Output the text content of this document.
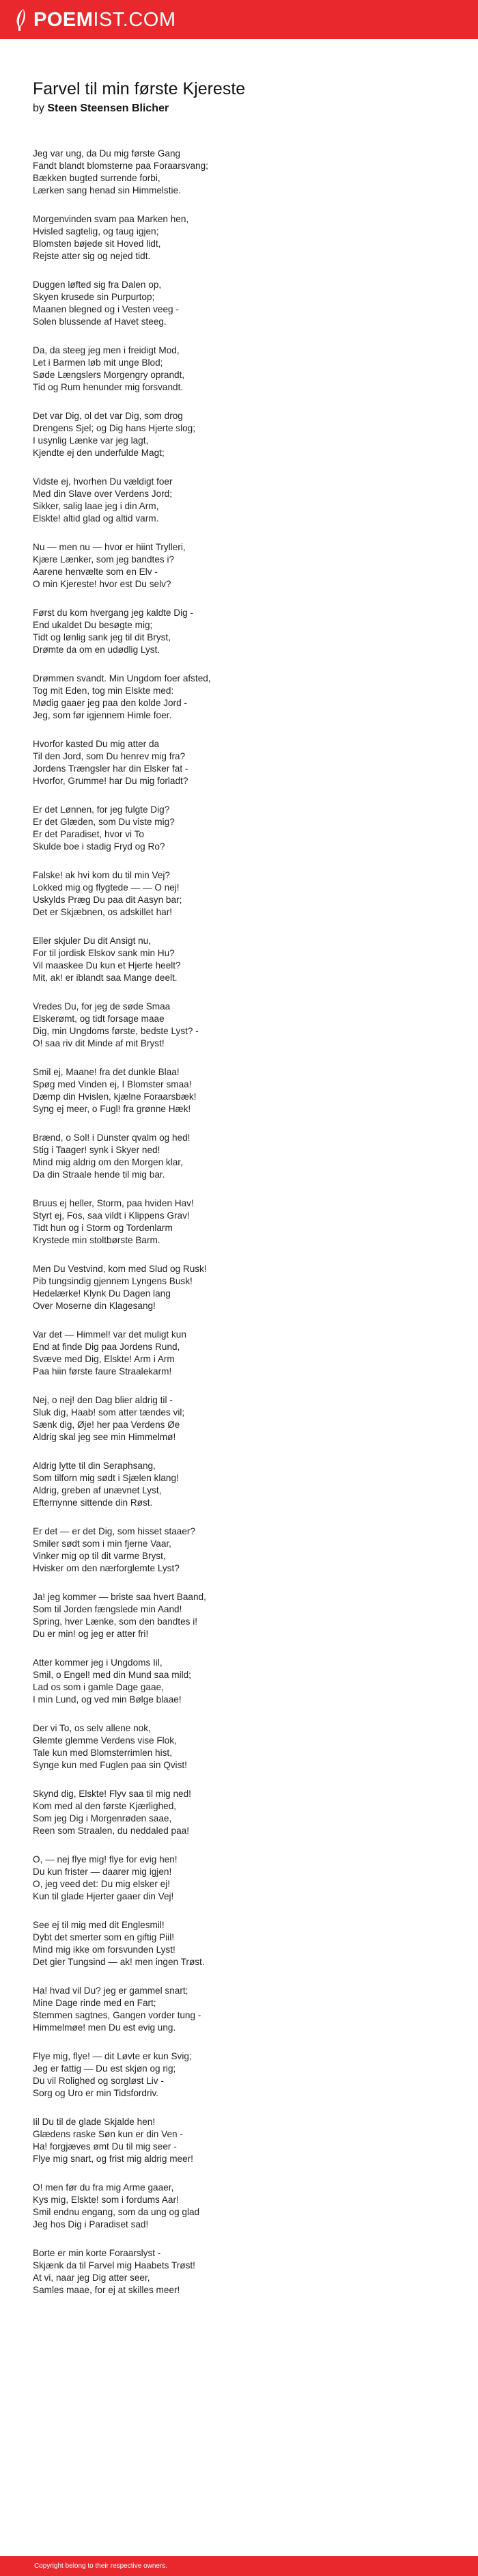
POEMIST.COM
Farvel til min første Kjereste

by Steen Steensen Blicher

Jeg var ung, da Du mig første Gang
Fandt blandt blomsterne paa Foraarsvang;
Bækken bugted surrende forbi,
Lærken sang henad sin Himmelstie.

Morgenvinden svam paa Marken hen,
Hvisled sagtelig, og taug igjen;
Blomsten bøjede sit Hoved lidt,
Rejste atter sig og nejed tidt.

Duggen løfted sig fra Dalen op,
Skyen krusede sin Purpurtop;
Maanen blegned og i Vesten veeg -
Solen blussende af Havet steeg.

Da, da steeg jeg men i freidigt Mod,
Let i Barmen løb mit unge Blod;
Søde Længslers Morgengry oprandt,
Tid og Rum henunder mig forsvandt.

Det var Dig, ol det var Dig, som drog
Drengens Sjel; og Dig hans Hjerte slog;
I usynlig Lænke var jeg lagt,
Kjendte ej den underfulde Magt;

Vidste ej, hvorhen Du vældigt foer
Med din Slave over Verdens Jord;
Sikker, salig laae jeg i din Arm,
Elskte! altid glad og altid varm.

Nu — men nu — hvor er hiint Trylleri,
Kjære Lænker, som jeg bandtes i?
Aarene henvælte som en Elv -
O min Kjereste! hvor est Du selv?

Først du kom hvergang jeg kaldte Dig -
End ukaldet Du besøgte mig;
Tidt og lønlig sank jeg til dit Bryst,
Drømte da om en udødlig Lyst.

Drømmen svandt. Min Ungdom foer afsted,
Tog mit Eden, tog min Elskte med:
Mødig gaaer jeg paa den kolde Jord -
Jeg, som før igjennem Himle foer.

Hvorfor kasted Du mig atter da
Til den Jord, som Du henrev mig fra?
Jordens Trængsler har din Elsker fat -
Hvorfor, Grumme! har Du mig forladt?

Er det Lønnen, for jeg fulgte Dig?
Er det Glæden, som Du viste mig?
Er det Paradiset, hvor vi To
Skulde boe i stadig Fryd og Ro?

Falske! ak hvi kom du til min Vej?
Lokked mig og flygtede — — O nej!
Uskylds Præg Du paa dit Aasyn bar;
Det er Skjæbnen, os adskillet har!

Eller skjuler Du dit Ansigt nu,
For til jordisk Elskov sank min Hu?
Vil maaskee Du kun et Hjerte heelt?
Mit, ak! er iblandt saa Mange deelt.

Vredes Du, for jeg de søde Smaa
Elskerømt, og tidt forsage maae
Dig, min Ungdoms første, bedste Lyst? -
O! saa riv dit Minde af mit Bryst!

Smil ej, Maane! fra det dunkle Blaa!
Spøg med Vinden ej, I Blomster smaa!
Dæmp din Hvislen, kjælne Foraarsbæk!
Syng ej meer, o Fugl! fra grønne Hæk!

Brænd, o Sol! i Dunster qvalm og hed!
Stig i Taager! synk i Skyer ned!
Mind mig aldrig om den Morgen klar,
Da din Straale hende til mig bar.

Bruus ej heller, Storm, paa hviden Hav!
Styrt ej, Fos, saa vildt i Klippens Grav!
Tidt hun og i Storm og Tordenlarm
Krystede min stoltbørste Barm.

Men Du Vestvind, kom med Slud og Rusk!
Pib tungsindig gjennem Lyngens Busk!
Hedelærke! Klynk Du Dagen lang
Over Moserne din Klagesang!

Var det — Himmel! var det muligt kun
End at finde Dig paa Jordens Rund,
Svæve med Dig, Elskte! Arm i Arm
Paa hiin første faure Straalekarm!

Nej, o nej! den Dag blier aldrig til -
Sluk dig, Haab! som atter tændes vil;
Sænk dig, Øje! her paa Verdens Øe
Aldrig skal jeg see min Himmelmø!

Aldrig lytte til din Seraphsang,
Som tilforn mig sødt i Sjælen klang!
Aldrig, greben af unævnet Lyst,
Efternynne sittende din Røst.

Er det — er det Dig, som hisset staaer?
Smiler sødt som i min fjerne Vaar,
Vinker mig op til dit varme Bryst,
Hvisker om den nærforglemte Lyst?

Ja! jeg kommer — briste saa hvert Baand,
Som til Jorden fængslede min Aand!
Spring, hver Lænke, som den bandtes i!
Du er min! og jeg er atter fri!

Atter kommer jeg i Ungdoms Iil,
Smil, o Engel! med din Mund saa mild;
Lad os som i gamle Dage gaae,
I min Lund, og ved min Bølge blaae!

Der vi To, os selv allene nok,
Glemte glemme Verdens vise Flok,
Tale kun med Blomsterrimlen hist,
Synge kun med Fuglen paa sin Qvist!

Skynd dig, Elskte! Flyv saa til mig ned!
Kom med al den første Kjærlighed,
Som jeg Dig i Morgenrøden saae,
Reen som Straalen, du neddaled paa!

O, — nej flye mig! flye for evig hen!
Du kun frister — daarer mig igjen!
O, jeg veed det: Du mig elsker ej!
Kun til glade Hjerter gaaer din Vej!

See ej til mig med dit Englesmil!
Dybt det smerter som en giftig Piil!
Mind mig ikke om forsvunden Lyst!
Det gier Tungsind — ak! men ingen Trøst.

Ha! hvad vil Du? jeg er gammel snart;
Mine Dage rinde med en Fart;
Stemmen sagtnes, Gangen vorder tung -
Himmelmøe! men Du est evig ung.

Flye mig, flye! — dit Løvte er kun Svig;
Jeg er fattig — Du est skjøn og rig;
Du vil Rolighed og sorgløst Liv -
Sorg og Uro er min Tidsfordriv.

Iil Du til de glade Skjalde hen!
Glædens raske Søn kun er din Ven -
Ha! forgjæves ømt Du til mig seer -
Flye mig snart, og frist mig aldrig meer!

O! men før du fra mig Arme gaaer,
Kys mig, Elskte! som i fordums Aar!
Smil endnu engang, som da ung og glad
Jeg hos Dig i Paradiset sad!

Borte er min korte Foraarslyst -
Skjænk da til Farvel mig Haabets Trøst!
At vi, naar jeg Dig atter seer,
Samles maae, for ej at skilles meer!

Copyright belong to their respective owners.
